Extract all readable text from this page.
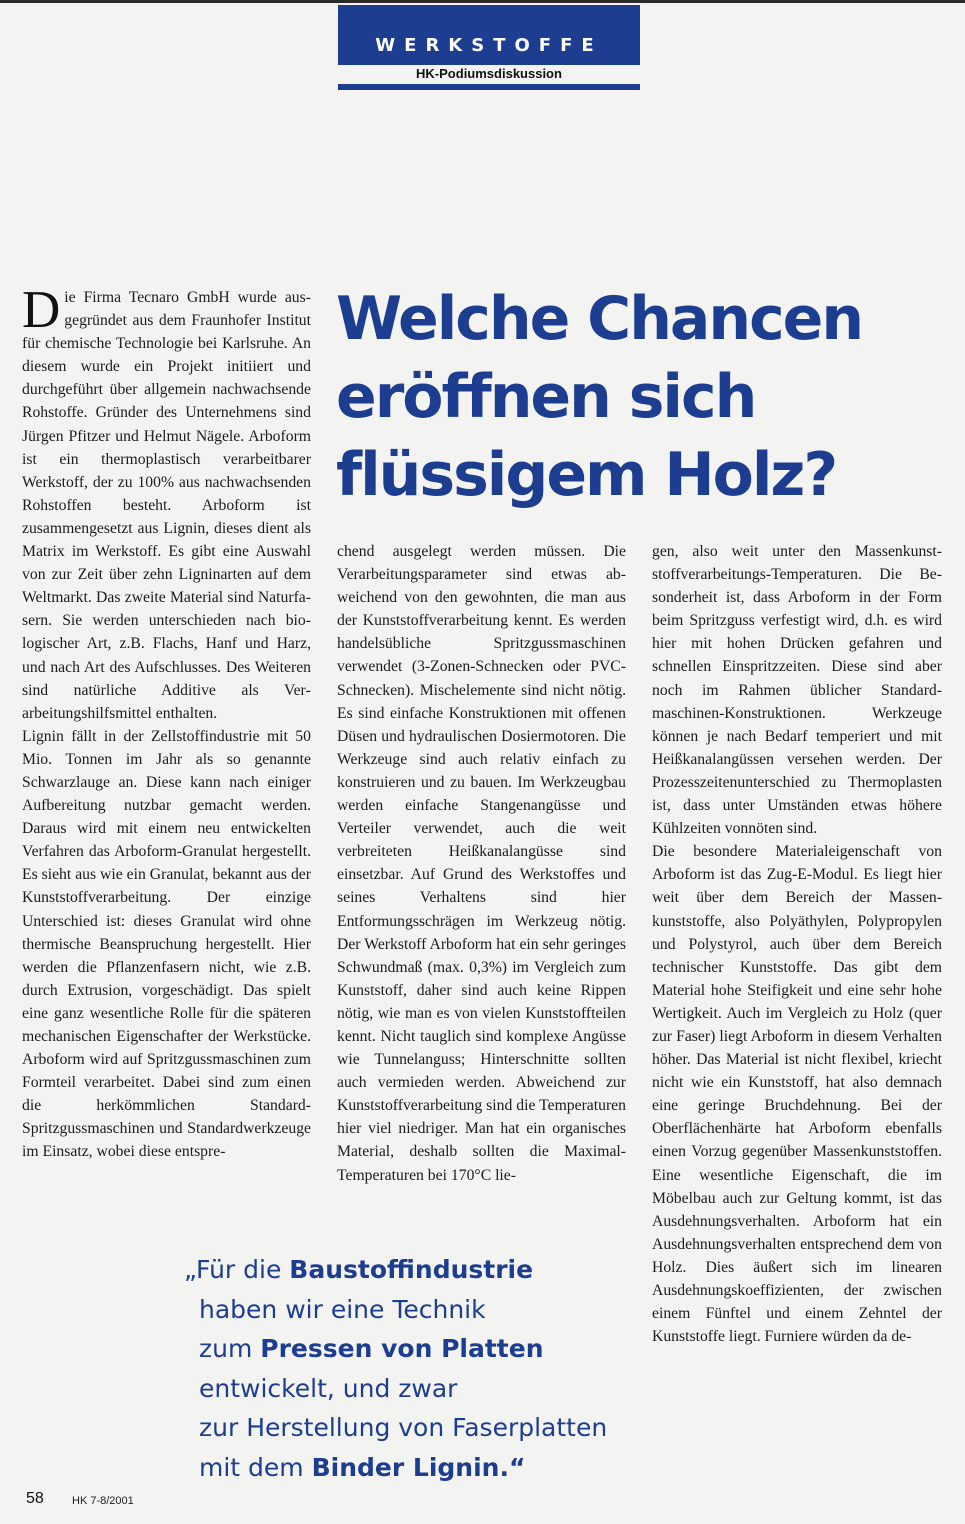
WERKSTOFFE
HK-Podiumsdiskussion
Welche Chancen
eröffnen sich
flüssigem Holz?

Die Firma Tecnaro GmbH wurde ausgegründet aus dem Fraunhofer Institut für chemische Technologie bei Karlsruhe. An diesem wurde ein Projekt initiiert und durchgeführt über allgemein nachwachsende Rohstoffe. Gründer des Unternehmens sind Jürgen Pfitzer und Helmut Nägele. Arboform ist ein thermoplastisch verarbeitbarer Werkstoff, der zu 100% aus nachwachsenden Rohstoffen besteht. Arboform ist zusammengesetzt aus Lignin, dieses dient als Matrix im Werkstoff. Es gibt eine Auswahl von zur Zeit über zehn Ligninarten auf dem Weltmarkt. Das zweite Material sind Naturfasern. Sie werden unterschieden nach biologischer Art, z.B. Flachs, Hanf und Harz, und nach Art des Aufschlusses. Des Weiteren sind natürliche Additive als Verarbeitungshilfsmittel enthalten.

Lignin fällt in der Zellstoffindustrie mit 50 Mio. Tonnen im Jahr als so genannte Schwarzlauge an. Diese kann nach einiger Aufbereitung nutzbar gemacht werden. Daraus wird mit einem neu entwickelten Verfahren das Arboform-Granulat hergestellt. Es sieht aus wie ein Granulat, bekannt aus der Kunststoffverarbeitung. Der einzige Unterschied ist: dieses Granulat wird ohne thermische Beanspruchung hergestellt. Hier werden die Pflanzenfasern nicht, wie z.B. durch Extrusion, vorgeschädigt. Das spielt eine ganz wesentliche Rolle für die späteren mechanischen Eigenschafter der Werkstücke. Arboform wird auf Spritzgussmaschinen zum Formteil verarbeitet. Dabei sind zum einen die herkömmlichen Standard-Spritzgussmaschinen und Standardwerkzeuge im Einsatz, wobei diese entspre-

chend ausgelegt werden müssen. Die Verarbeitungsparameter sind etwas abweichend von den gewohnten, die man aus der Kunststoffverarbeitung kennt. Es werden handelsübliche Spritzgussmaschinen verwendet (3-Zonen-Schnecken oder PVC-Schnecken). Mischelemente sind nicht nötig. Es sind einfache Konstruktionen mit offenen Düsen und hydraulischen Dosiermotoren. Die Werkzeuge sind auch relativ einfach zu konstruieren und zu bauen. Im Werkzeugbau werden einfache Stangenangüsse und Verteiler verwendet, auch die weit verbreiteten Heißkanalangüsse sind einsetzbar. Auf Grund des Werkstoffes und seines Verhaltens sind hier Entformungsschrägen im Werkzeug nötig. Der Werkstoff Arboform hat ein sehr geringes Schwundmaß (max. 0,3%) im Vergleich zum Kunststoff, daher sind auch keine Rippen nötig, wie man es von vielen Kunststoffteilen kennt. Nicht tauglich sind komplexe Angüsse wie Tunnelanguss; Hinterschnitte sollten auch vermieden werden. Abweichend zur Kunststoffverarbeitung sind die Temperaturen hier viel niedriger. Man hat ein organisches Material, deshalb sollten die Maximal-Temperaturen bei 170°C lie-

gen, also weit unter den Massenkunststoffverarbeitungs-Temperaturen. Die Besonderheit ist, dass Arboform in der Form beim Spritzguss verfestigt wird, d.h. es wird hier mit hohen Drücken gefahren und schnellen Einspritzzeiten. Diese sind aber noch im Rahmen üblicher Standardmaschinen-Konstruktionen. Werkzeuge können je nach Bedarf temperiert und mit Heißkanalangüssen versehen werden. Der Prozesszeitenunterschied zu Thermoplasten ist, dass unter Umständen etwas höhere Kühlzeiten vonnöten sind.

Die besondere Materialeigenschaft von Arboform ist das Zug-E-Modul. Es liegt hier weit über dem Bereich der Massenkunststoffe, also Polyäthylen, Polypropylen und Polystyrol, auch über dem Bereich technischer Kunststoffe. Das gibt dem Material hohe Steifigkeit und eine sehr hohe Wertigkeit. Auch im Vergleich zu Holz (quer zur Faser) liegt Arboform in diesem Verhalten höher. Das Material ist nicht flexibel, kriecht nicht wie ein Kunststoff, hat also demnach eine geringe Bruchdehnung. Bei der Oberflächenhärte hat Arboform ebenfalls einen Vorzug gegenüber Massenkunststoffen. Eine wesentliche Eigenschaft, die im Möbelbau auch zur Geltung kommt, ist das Ausdehnungsverhalten. Arboform hat ein Ausdehnungsverhalten entsprechend dem von Holz. Dies äußert sich im linearen Ausdehnungskoeffizienten, der zwischen einem Fünftel und einem Zehntel der Kunststoffe liegt. Furniere würden da de-

„Für die Baustoffindustrie
haben wir eine Technik
zum Pressen von Platten
entwickelt, und zwar
zur Herstellung von Faserplatten
mit dem Binder Lignin.“
58	HK 7-8/2001
